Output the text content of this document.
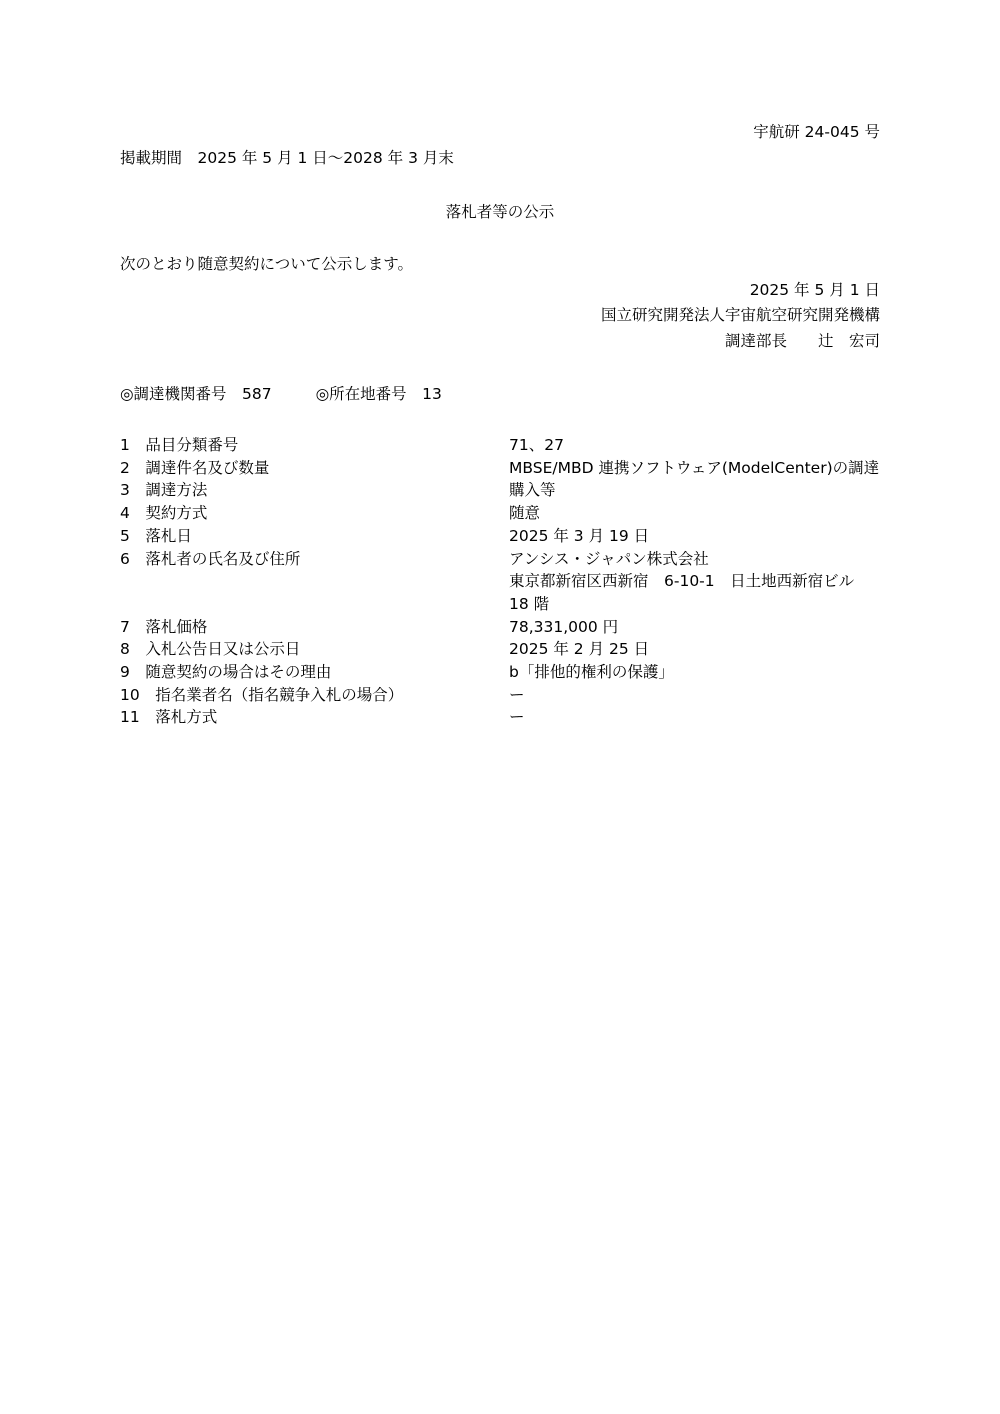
宇航研 24-045 号
掲載期間　2025 年 5 月 1 日～2028 年 3 月末
落札者等の公示
次のとおり随意契約について公示します。
2025 年 5 月 1 日
国立研究開発法人宇宙航空研究開発機構
調達部長　　辻　宏司
◎調達機関番号　587	◎所在地番号　13
1　品目分類番号	71、27
2　調達件名及び数量	MBSE/MBD 連携ソフトウェア(ModelCenter)の調達
3　調達方法	購入等
4　契約方式	随意
5　落札日	2025 年 3 月 19 日
6　落札者の氏名及び住所	アンシス・ジャパン株式会社
東京都新宿区西新宿　6-10-1　日土地西新宿ビル
18 階
7　落札価格	78,331,000 円
8　入札公告日又は公示日	2025 年 2 月 25 日
9　随意契約の場合はその理由	b「排他的権利の保護」
10　指名業者名（指名競争入札の場合）	ー
11　落札方式	ー
